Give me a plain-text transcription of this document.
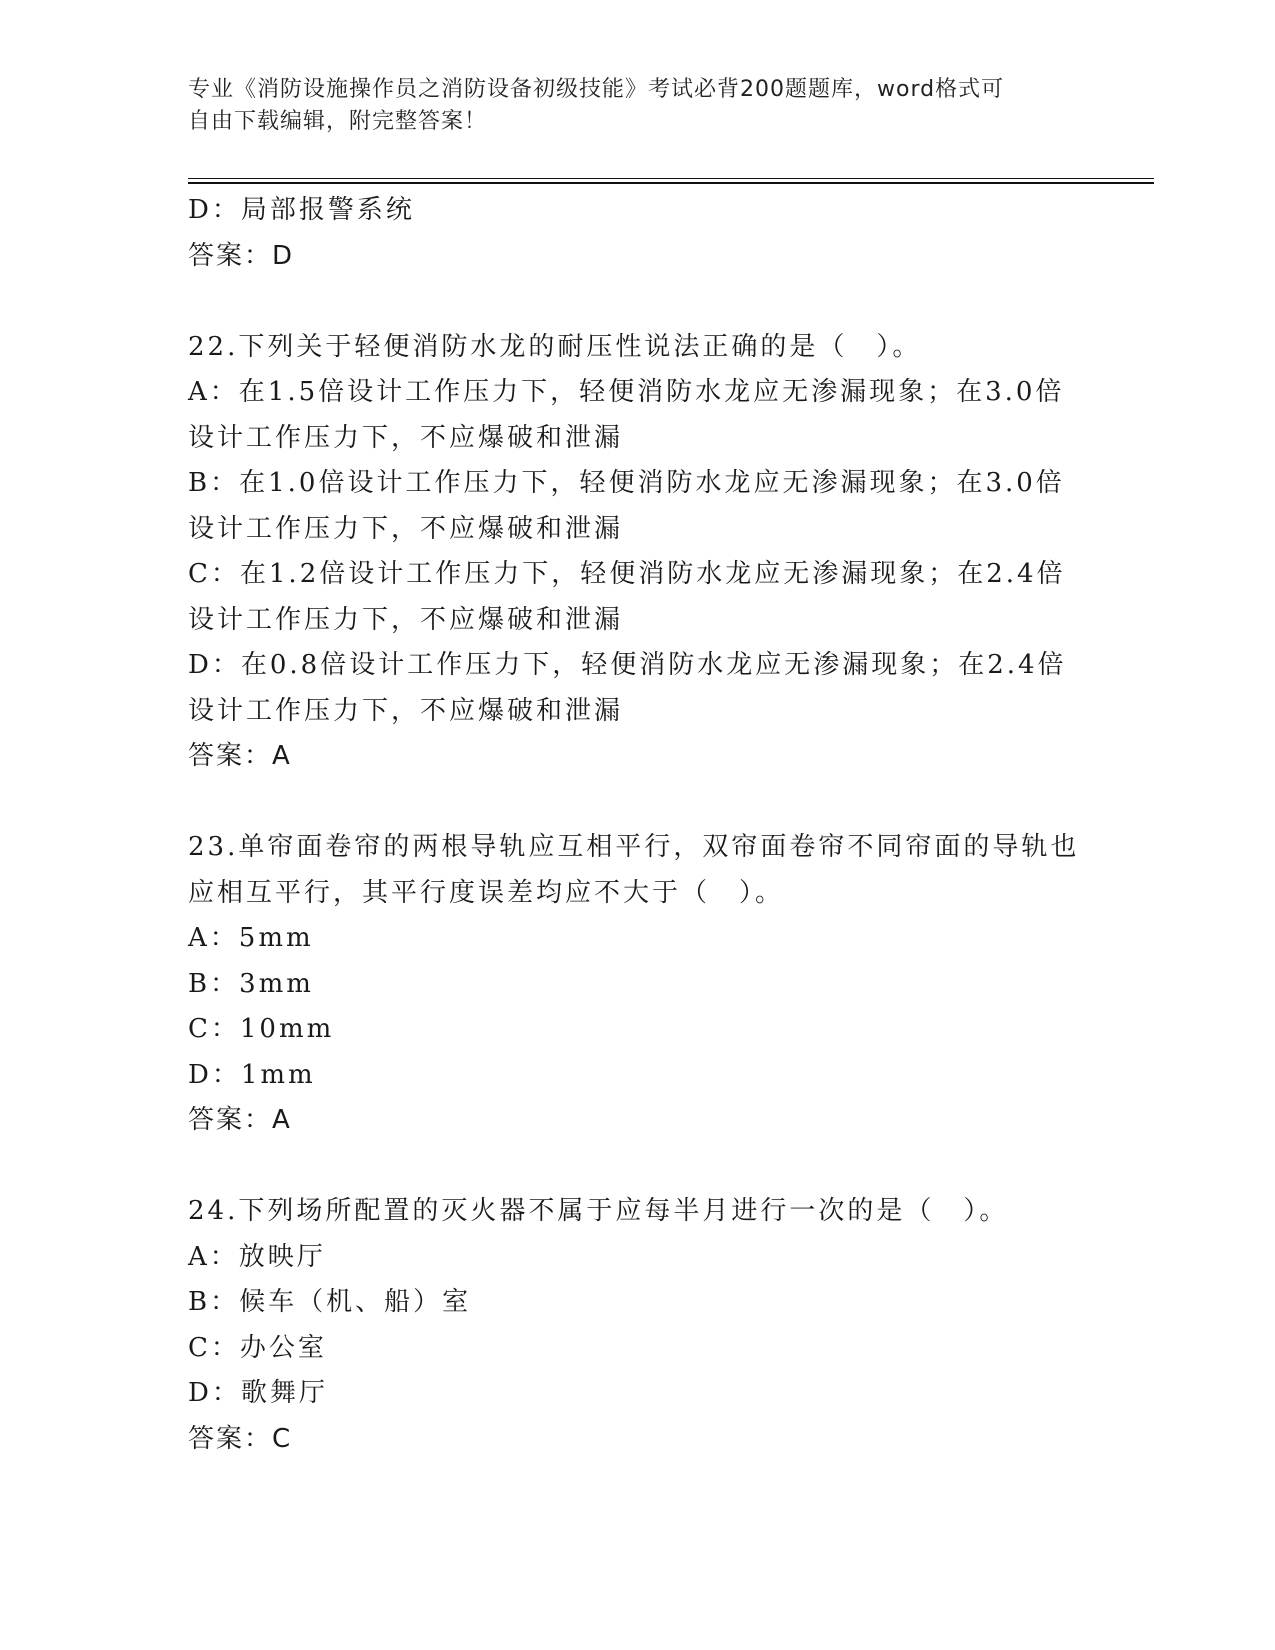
专业《消防设施操作员之消防设备初级技能》考试必背200题题库，word格式可
自由下载编辑，附完整答案！
D：局部报警系统
答案：D
22.下列关于轻便消防水龙的耐压性说法正确的是（　）。
A：在1.5倍设计工作压力下，轻便消防水龙应无渗漏现象；在3.0倍
设计工作压力下，不应爆破和泄漏
B：在1.0倍设计工作压力下，轻便消防水龙应无渗漏现象；在3.0倍
设计工作压力下，不应爆破和泄漏
C：在1.2倍设计工作压力下，轻便消防水龙应无渗漏现象；在2.4倍
设计工作压力下，不应爆破和泄漏
D：在0.8倍设计工作压力下，轻便消防水龙应无渗漏现象；在2.4倍
设计工作压力下，不应爆破和泄漏
答案：A
23.单帘面卷帘的两根导轨应互相平行，双帘面卷帘不同帘面的导轨也
应相互平行，其平行度误差均应不大于（　）。
A：5mm
B：3mm
C：10mm
D：1mm
答案：A
24.下列场所配置的灭火器不属于应每半月进行一次的是（　）。
A：放映厅
B：候车（机、船）室
C：办公室
D：歌舞厅
答案：C
